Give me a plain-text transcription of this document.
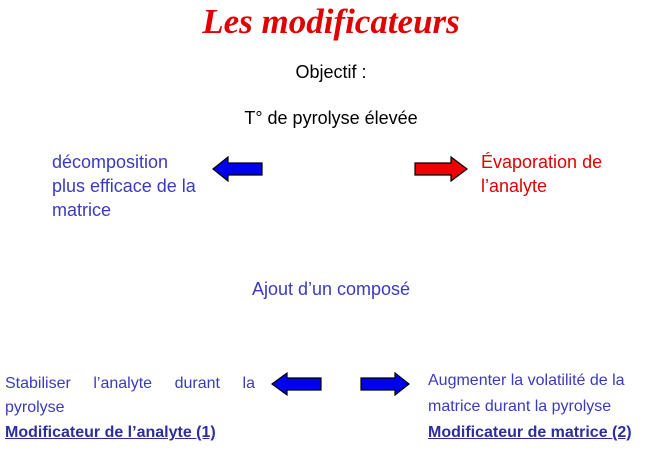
Les modificateurs
Objectif :
T° de pyrolyse élevée
décomposition
plus efficace de la
matrice
Évaporation de
l’analyte
Ajout d’un composé
Stabiliser l’analyte durant la
pyrolyse
Augmenter la volatilité de la
matrice durant la pyrolyse
Modificateur de l’analyte (1)	Modificateur de matrice (2)
